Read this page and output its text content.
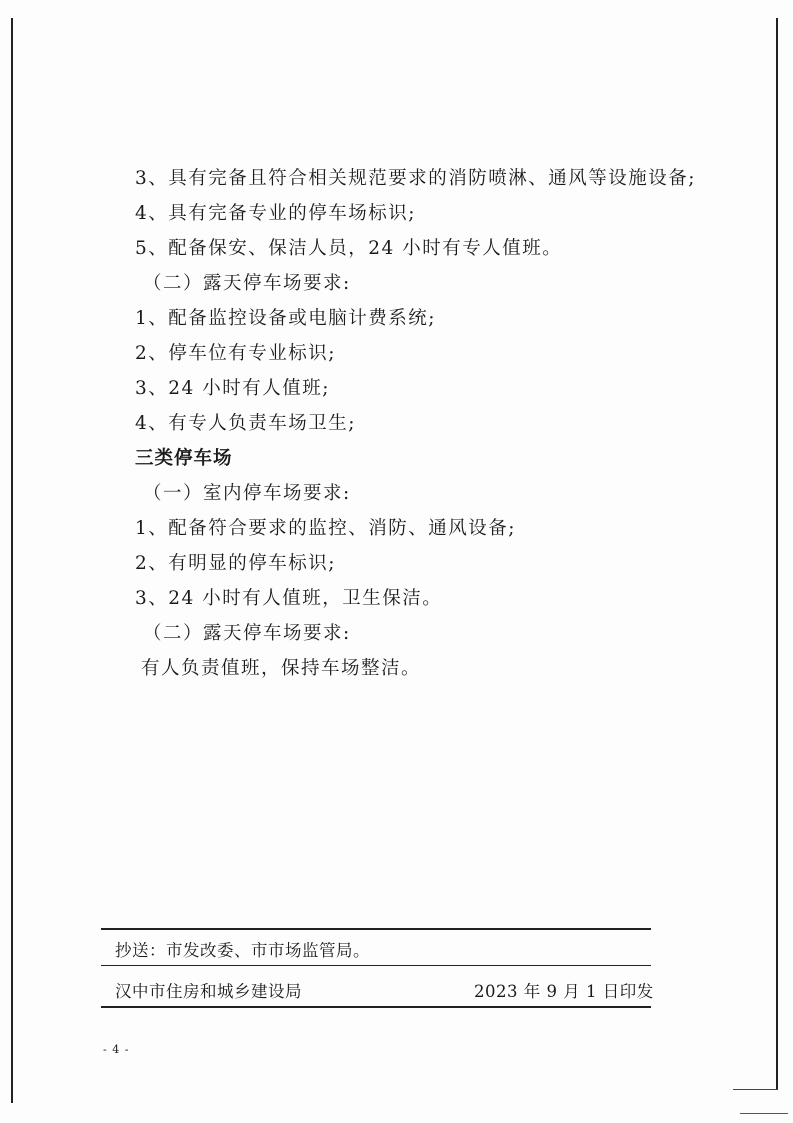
3、具有完备且符合相关规范要求的消防喷淋、通风等设施设备;
4、具有完备专业的停车场标识;
5、配备保安、保洁人员，24 小时有专人值班。
（二）露天停车场要求:
1、配备监控设备或电脑计费系统;
2、停车位有专业标识;
3、24 小时有人值班;
4、有专人负责车场卫生;
三类停车场
（一）室内停车场要求:
1、配备符合要求的监控、消防、通风设备;
2、有明显的停车标识;
3、24 小时有人值班，卫生保洁。
（二）露天停车场要求:
有人负责值班，保持车场整洁。
抄送：市发改委、市市场监管局。
汉中市住房和城乡建设局	2023 年 9 月 1 日印发
- 4 -
